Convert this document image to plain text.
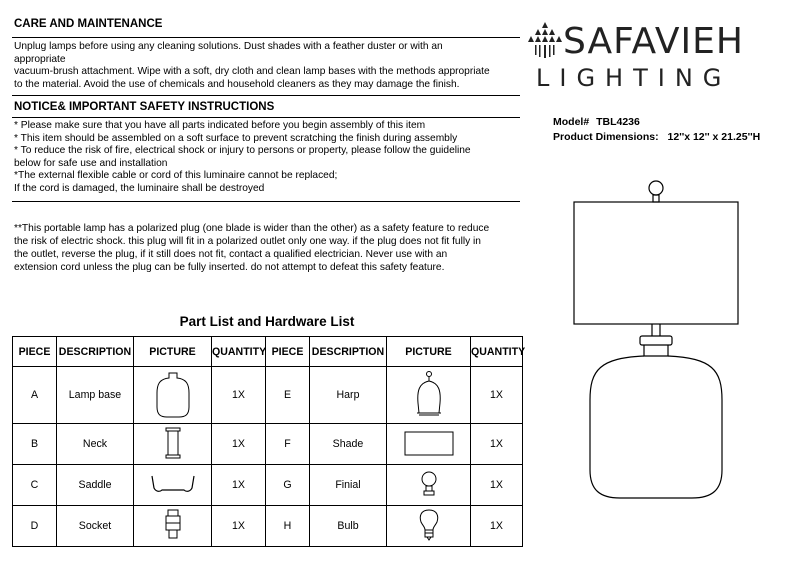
CARE AND MAINTENANCE
Unplug lamps before using any cleaning solutions. Dust shades with a feather duster or with an
appropriate
vacuum-brush attachment. Wipe with a soft, dry cloth and clean lamp bases with the methods appropriate
to the material. Avoid the use of chemicals and household cleaners as they may damage the finish.
NOTICE& IMPORTANT SAFETY INSTRUCTIONS
* Please make sure that you have all parts indicated before you begin assembly of this item
* This item should be assembled on a soft surface to prevent scratching the finish during assembly
* To reduce the risk of fire, electrical shock or injury to persons or property, please follow the guideline
below for safe use and installation
*The external flexible cable or cord of this luminaire cannot be replaced;
If the cord is damaged, the luminaire shall be destroyed
**This portable lamp has a polarized plug (one blade is wider than the other) as a safety feature to reduce
the risk of electric shock. this plug will fit in a polarized outlet only one way. if the plug does not fit fully in
the outlet, reverse the plug, if it still does not fit, contact a qualified electrician. Never use with an
extension cord unless the plug can be fully inserted. do not attempt to defeat this safety feature.
SAFAVIEH
LIGHTING
Model# TBL4236
Product Dimensions: 12''x 12'' x 21.25''H
Part List and Hardware List
PIECE	DESCRIPTION	PICTURE	QUANTITY	PIECE	DESCRIPTION	PICTURE	QUANTITY
A	Lamp base		1X	E	Harp		1X
B	Neck		1X	F	Shade		1X
C	Saddle		1X	G	Finial		1X
D	Socket		1X	H	Bulb		1X
